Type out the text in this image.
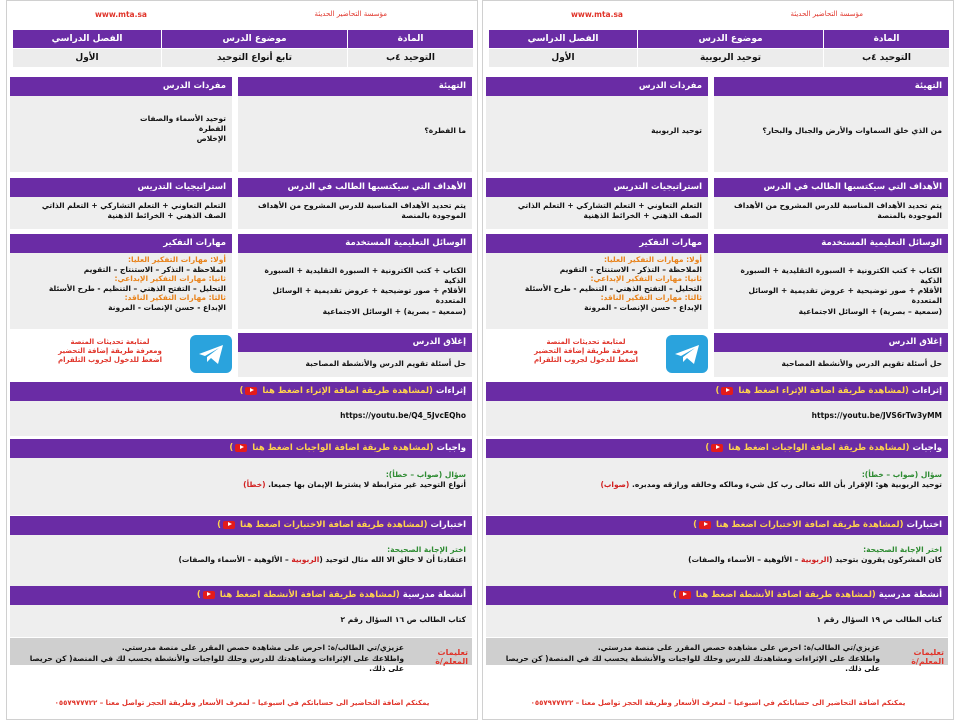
مؤسسة التحاضير الحديثة
www.mta.sa
المادة	موضوع الدرس	الفصل الدراسي
التوحيد ٤ب	توحيد الربوبية	الأول
التهيئة
من الذي خلق السماوات والأرض والجبال والبحار؟
مفردات الدرس
توحيد الربوبية
الأهداف التي سيكتسبها الطالب في الدرس
يتم تحديد الأهداف المناسبة للدرس المشروح من الأهداف الموجودة بالمنصة
استراتيجيات التدريس
التعلم التعاوني + التعلم التشاركي + التعلم الذاتي
الصف الذهني + الخرائط الذهنية
الوسائل التعليمية المستخدمة
الكتاب + كتب الكترونية + السبورة التقليدية + السبورة الذكية
الأقلام + صور توضيحية + عروض تقديمية + الوسائل المتعددة
(سمعية – بصرية) + الوسائل الاجتماعية
مهارات التفكير
أولا: مهارات التفكير العليا:
الملاحظة – التذكر – الاستنتاج – التقويم
ثانيا: مهارات التفكير الإبداعي:
التحليل – التفتح الذهني – التنظيم - طرح الأسئلة
ثالثا: مهارات التفكير الناقد:
الإبداع - حسن الإنصات - المرونة
إغلاق الدرس
حل أسئلة تقويم الدرس والأنشطة المصاحبة
لمتابعة تحديثات المنصة
ومعرفة طريقة إضافة التحضير
اضغط للدخول لجروب التلقرام
إثراءات (لمشاهدة طريقة اضافة الإثراء اضغط هنا )
https://youtu.be/JVS6rTw3yMM
واجبات (لمشاهدة طريقة اضافة الواجبات اضغط هنا )
سؤال (صواب – خطأ):
توحيد الربوبية هو: الإقرار بأن الله تعالى رب كل شيء ومالكه وخالقه ورازقه ومدبره. (صواب)
اختبارات (لمشاهدة طريقة اضافة الاختبارات اضغط هنا )
اختر الإجابة الصحيحة:
كان المشركون يقرون بتوحيد (الربوبية – الألوهية – الأسماء والصفات)
أنشطة مدرسية (لمشاهدة طريقة اضافة الأنشطة اضغط هنا )
كتاب الطالب ص ١٩ السؤال رقم ١
تعليمات المعلم/ة
عزيزي/تي الطالب/ة: احرص على مشاهدة حصص المقرر على منصة مدرستي.
واطلاعك على الإثراءات ومشاهدتك للدرس وحلك للواجبات والأنشطة يحسب لك في المنصة( كن حريصا على ذلك.
يمكنكم اضافة التحاضير الى حساباتكم في اسبوعيا – لمعرف الأسعار وطريقة الحجز تواصل معنا – ٠٥٥٧٩٧٧٧٢٢
مؤسسة التحاضير الحديثة
www.mta.sa
المادة	موضوع الدرس	الفصل الدراسي
التوحيد ٤ب	تابع أنواع التوحيد	الأول
التهيئة
ما الفطرة؟
مفردات الدرس
توحيد الأسماء والصفات
الفطرة
الإخلاص
الأهداف التي سيكتسبها الطالب في الدرس
يتم تحديد الأهداف المناسبة للدرس المشروح من الأهداف الموجودة بالمنصة
استراتيجيات التدريس
التعلم التعاوني + التعلم التشاركي + التعلم الذاتي
الصف الذهني + الخرائط الذهنية
الوسائل التعليمية المستخدمة
الكتاب + كتب الكترونية + السبورة التقليدية + السبورة الذكية
الأقلام + صور توضيحية + عروض تقديمية + الوسائل المتعددة
(سمعية – بصرية) + الوسائل الاجتماعية
مهارات التفكير
أولا: مهارات التفكير العليا:
الملاحظة – التذكر – الاستنتاج – التقويم
ثانيا: مهارات التفكير الإبداعي:
التحليل – التفتح الذهني – التنظيم - طرح الأسئلة
ثالثا: مهارات التفكير الناقد:
الإبداع - حسن الإنصات - المرونة
إغلاق الدرس
حل أسئلة تقويم الدرس والأنشطة المصاحبة
لمتابعة تحديثات المنصة
ومعرفة طريقة إضافة التحضير
اضغط للدخول لجروب التلقرام
إثراءات (لمشاهدة طريقة اضافة الإثراء اضغط هنا )
https://youtu.be/Q4_5JvcEQho
واجبات (لمشاهدة طريقة اضافة الواجبات اضغط هنا )
سؤال (صواب – خطأ):
أنواع التوحيد غير مترابطة لا يشترط الإيمان بها جميعا. (خطأ)
اختبارات (لمشاهدة طريقة اضافة الاختبارات اضغط هنا )
اختر الإجابة الصحيحة:
اعتقادنا أن لا خالق الا الله مثال لتوحيد (الربوبية – الألوهية – الأسماء والصفات)
أنشطة مدرسية (لمشاهدة طريقة اضافة الأنشطة اضغط هنا )
كتاب الطالب ص ١٦ السؤال رقم ٢
تعليمات المعلم/ة
عزيزي/تي الطالب/ة: احرص على مشاهدة حصص المقرر على منصة مدرستي.
واطلاعك على الإثراءات ومشاهدتك للدرس وحلك للواجبات والأنشطة يحسب لك في المنصة( كن حريصا على ذلك.
يمكنكم اضافة التحاضير الى حساباتكم في اسبوعيا – لمعرف الأسعار وطريقة الحجز تواصل معنا – ٠٥٥٧٩٧٧٧٢٢
